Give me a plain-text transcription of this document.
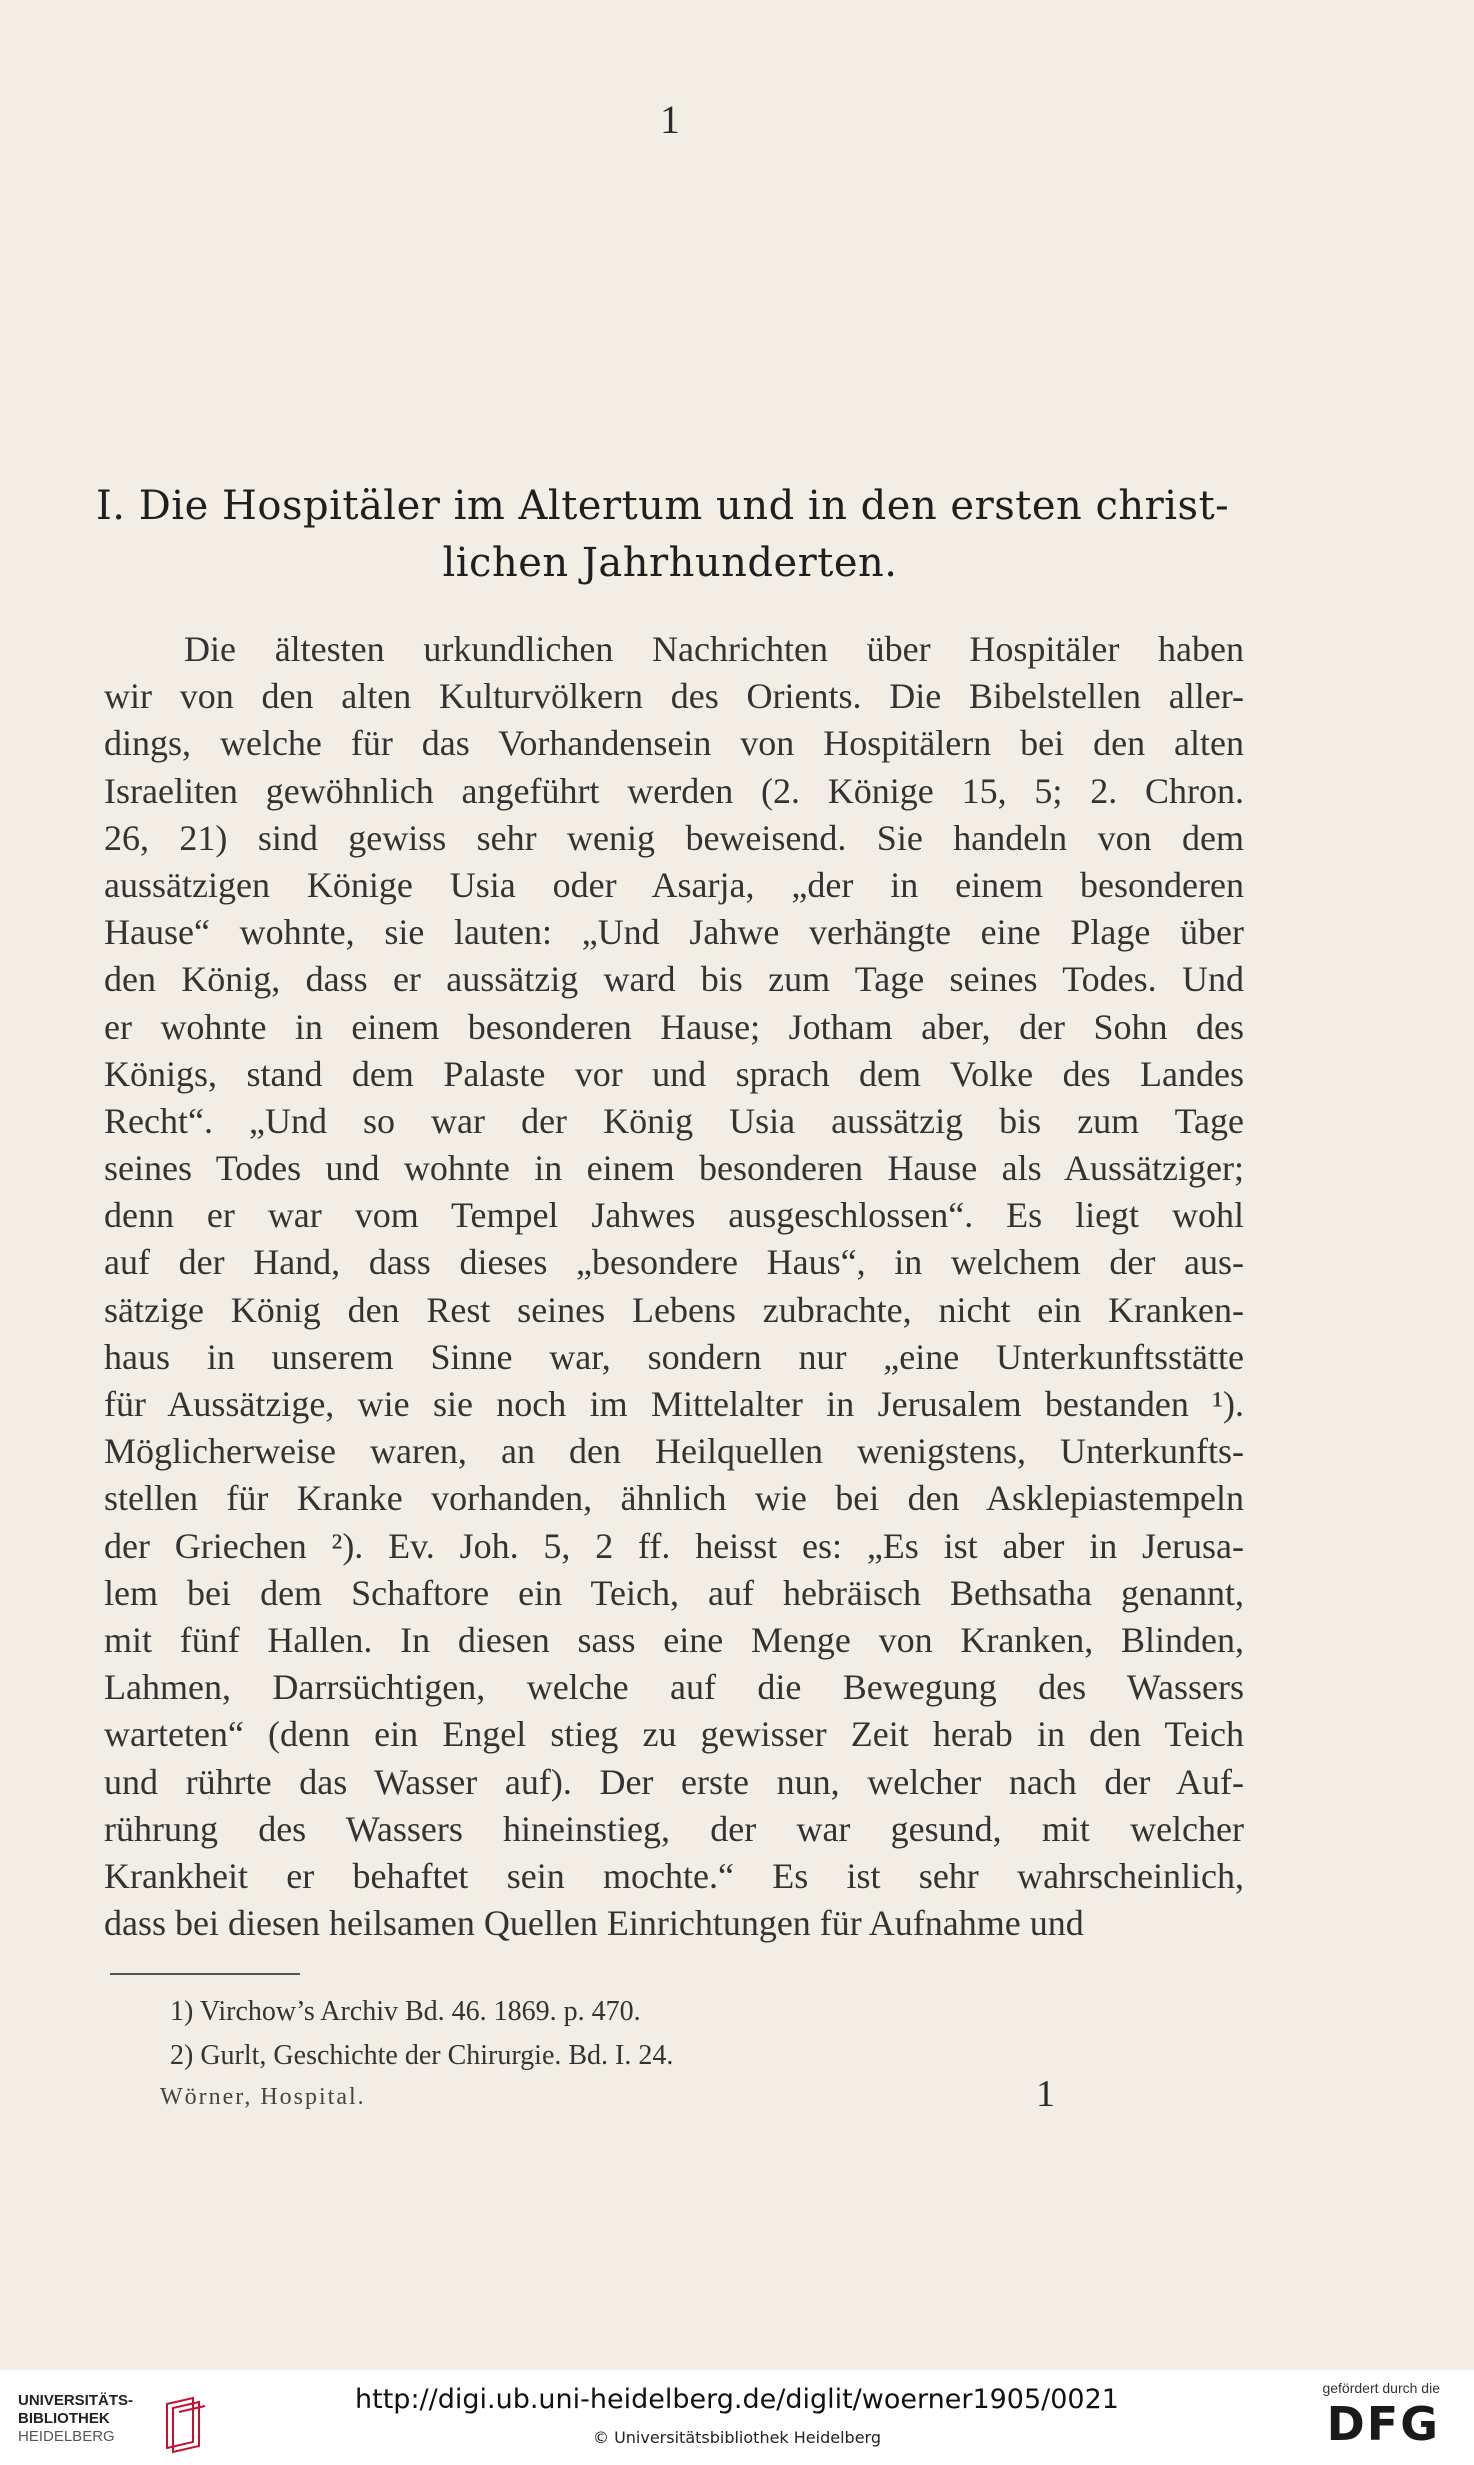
1
I. Die Hospitäler im Altertum und in den ersten christ-
lichen Jahrhunderten.
Die ältesten urkundlichen Nachrichten über Hospitäler haben
wir von den alten Kulturvölkern des Orients. Die Bibelstellen aller-
dings, welche für das Vorhandensein von Hospitälern bei den alten
Israeliten gewöhnlich angeführt werden (2. Könige 15, 5; 2. Chron.
26, 21) sind gewiss sehr wenig beweisend. Sie handeln von dem
aussätzigen Könige Usia oder Asarja, „der in einem besonderen
Hause“ wohnte, sie lauten: „Und Jahwe verhängte eine Plage über
den König, dass er aussätzig ward bis zum Tage seines Todes. Und
er wohnte in einem besonderen Hause; Jotham aber, der Sohn des
Königs, stand dem Palaste vor und sprach dem Volke des Landes
Recht“. „Und so war der König Usia aussätzig bis zum Tage
seines Todes und wohnte in einem besonderen Hause als Aussätziger;
denn er war vom Tempel Jahwes ausgeschlossen“. Es liegt wohl
auf der Hand, dass dieses „besondere Haus“, in welchem der aus-
sätzige König den Rest seines Lebens zubrachte, nicht ein Kranken-
haus in unserem Sinne war, sondern nur „eine Unterkunftsstätte
für Aussätzige, wie sie noch im Mittelalter in Jerusalem bestanden ¹).
Möglicherweise waren, an den Heilquellen wenigstens, Unterkunfts-
stellen für Kranke vorhanden, ähnlich wie bei den Asklepiastempeln
der Griechen ²). Ev. Joh. 5, 2 ff. heisst es: „Es ist aber in Jerusa-
lem bei dem Schaftore ein Teich, auf hebräisch Bethsatha genannt,
mit fünf Hallen. In diesen sass eine Menge von Kranken, Blinden,
Lahmen, Darrsüchtigen, welche auf die Bewegung des Wassers
warteten“ (denn ein Engel stieg zu gewisser Zeit herab in den Teich
und rührte das Wasser auf). Der erste nun, welcher nach der Auf-
rührung des Wassers hineinstieg, der war gesund, mit welcher
Krankheit er behaftet sein mochte.“ Es ist sehr wahrscheinlich,
dass bei diesen heilsamen Quellen Einrichtungen für Aufnahme und
1) Virchow’s Archiv Bd. 46. 1869. p. 470.
2) Gurlt, Geschichte der Chirurgie. Bd. I. 24.
Wörner, Hospital.	1
UNIVERSITÄTS-
BIBLIOTHEK
HEIDELBERG
http://digi.ub.uni-heidelberg.de/diglit/woerner1905/0021
© Universitätsbibliothek Heidelberg
gefördert durch die
DFG
